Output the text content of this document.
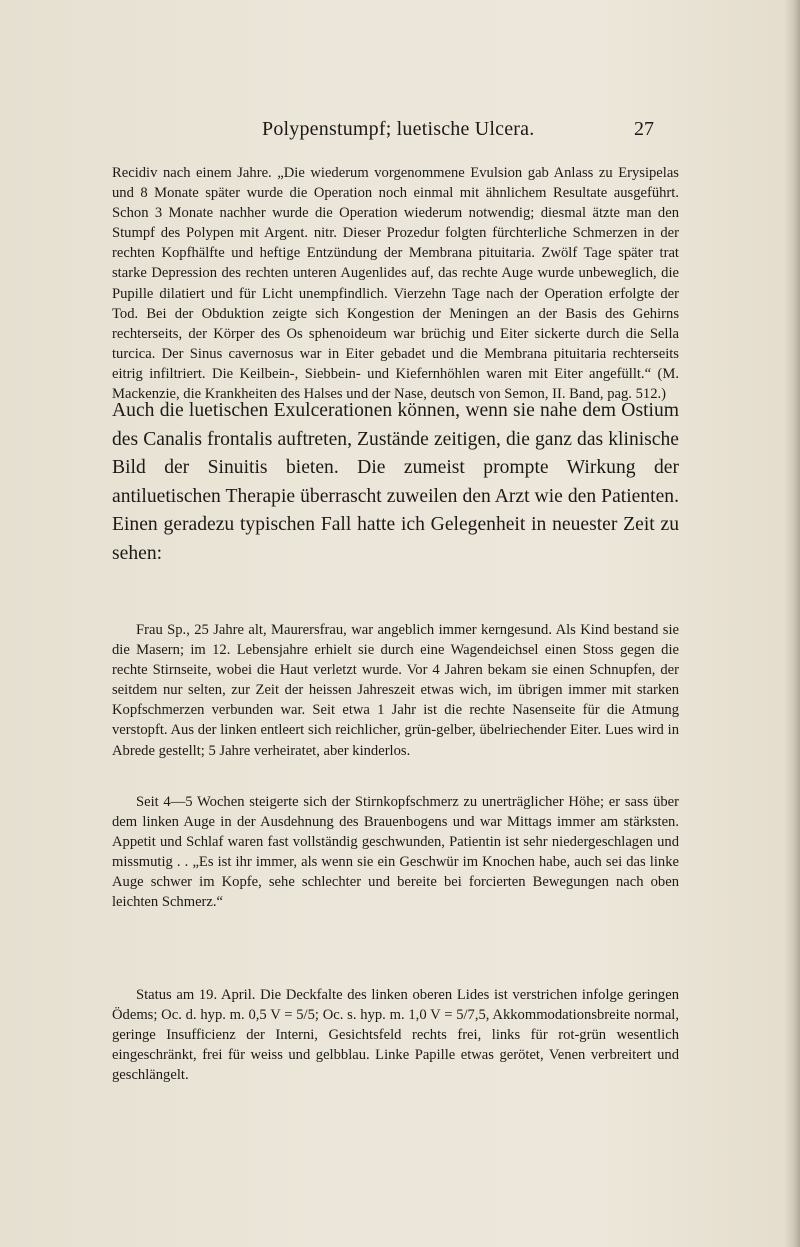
Polypenstumpf; luetische Ulcera.	27
Recidiv nach einem Jahre. „Die wiederum vorgenommene Evulsion gab Anlass zu Erysipelas und 8 Monate später wurde die Operation noch einmal mit ähnlichem Resultate ausgeführt. Schon 3 Monate nachher wurde die Operation wiederum notwendig; diesmal ätzte man den Stumpf des Polypen mit Argent. nitr. Dieser Prozedur folgten fürchterliche Schmerzen in der rechten Kopfhälfte und heftige Entzündung der Membrana pituitaria. Zwölf Tage später trat starke Depression des rechten unteren Augenlides auf, das rechte Auge wurde unbeweglich, die Pupille dilatiert und für Licht unempfindlich. Vierzehn Tage nach der Operation erfolgte der Tod. Bei der Obduktion zeigte sich Kongestion der Meningen an der Basis des Gehirns rechterseits, der Körper des Os sphenoideum war brüchig und Eiter sickerte durch die Sella turcica. Der Sinus cavernosus war in Eiter gebadet und die Membrana pituitaria rechterseits eitrig infiltriert. Die Keilbein-, Siebbein- und Kiefernhöhlen waren mit Eiter angefüllt.“ (M. Mackenzie, die Krankheiten des Halses und der Nase, deutsch von Semon, II. Band, pag. 512.)
Auch die luetischen Exulcerationen können, wenn sie nahe dem Ostium des Canalis frontalis auftreten, Zustände zeitigen, die ganz das klinische Bild der Sinuitis bieten. Die zumeist prompte Wirkung der antiluetischen Therapie überrascht zuweilen den Arzt wie den Patienten. Einen geradezu typischen Fall hatte ich Gelegenheit in neuester Zeit zu sehen:
Frau Sp., 25 Jahre alt, Maurersfrau, war angeblich immer kerngesund. Als Kind bestand sie die Masern; im 12. Lebensjahre erhielt sie durch eine Wagendeichsel einen Stoss gegen die rechte Stirnseite, wobei die Haut verletzt wurde. Vor 4 Jahren bekam sie einen Schnupfen, der seitdem nur selten, zur Zeit der heissen Jahreszeit etwas wich, im übrigen immer mit starken Kopfschmerzen verbunden war. Seit etwa 1 Jahr ist die rechte Nasenseite für die Atmung verstopft. Aus der linken entleert sich reichlicher, grün-gelber, übelriechender Eiter. Lues wird in Abrede gestellt; 5 Jahre verheiratet, aber kinderlos.
Seit 4—5 Wochen steigerte sich der Stirnkopfschmerz zu unerträglicher Höhe; er sass über dem linken Auge in der Ausdehnung des Brauenbogens und war Mittags immer am stärksten. Appetit und Schlaf waren fast vollständig geschwunden, Patientin ist sehr niedergeschlagen und missmutig . . „Es ist ihr immer, als wenn sie ein Geschwür im Knochen habe, auch sei das linke Auge schwer im Kopfe, sehe schlechter und bereite bei forcierten Bewegungen nach oben leichten Schmerz.“
Status am 19. April. Die Deckfalte des linken oberen Lides ist verstrichen infolge geringen Ödems; Oc. d. hyp. m. 0,5 V = 5/5; Oc. s. hyp. m. 1,0 V = 5/7,5, Akkommodationsbreite normal, geringe Insufficienz der Interni, Gesichtsfeld rechts frei, links für rot-grün wesentlich eingeschränkt, frei für weiss und gelbblau. Linke Papille etwas gerötet, Venen verbreitert und geschlängelt.
